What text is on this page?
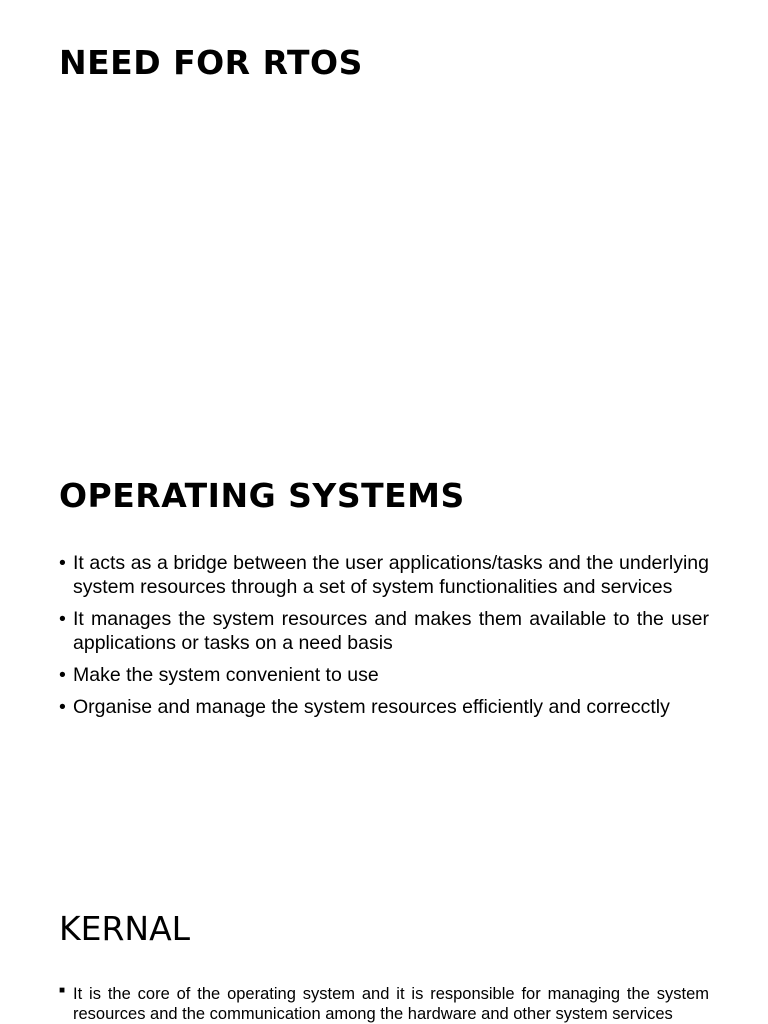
NEED FOR RTOS
OPERATING SYSTEMS
• It acts as a bridge between the user applications/tasks and the underlying system resources through a set of system functionalities and services
• It manages the system resources and makes them available to the user applications or tasks on a need basis
• Make the system convenient to use
• Organise and manage the system resources efficiently and correcctly
KERNAL
■ It is the core of the operating system and it is responsible for managing the system resources and the communication among the hardware and other system services
